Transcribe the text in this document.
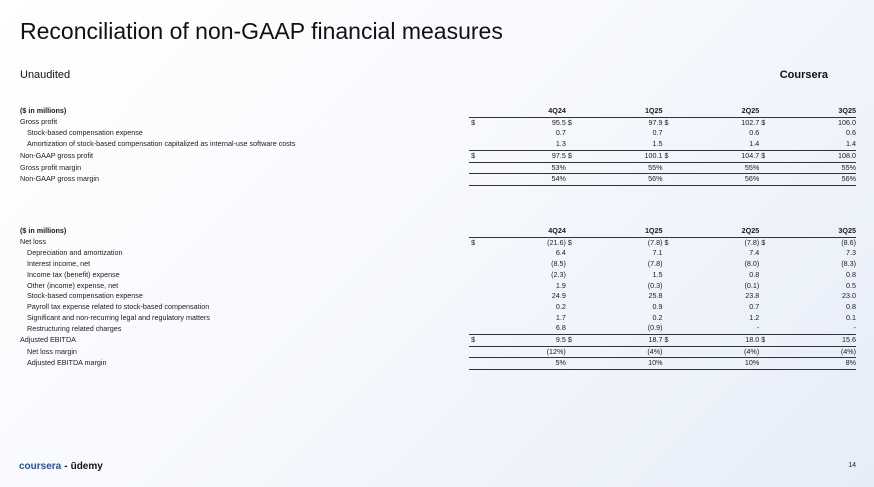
Reconciliation of non-GAAP financial measures
Unaudited	Coursera
($ in millions)	4Q24		1Q25		2Q25		3Q25	
Gross profit	$	95.5	$	97.9	$	102.7	$	106.0
Stock-based compensation expense		0.7		0.7		0.6		0.6
Amortization of stock-based compensation capitalized as internal-use software costs		1.3		1.5		1.4		1.4
Non-GAAP gross profit	$	97.5	$	100.1	$	104.7	$	108.0
Gross profit margin		53%		55%		55%		55%
Non-GAAP gross margin		54%		56%		56%		56%
($ in millions)	4Q24		1Q25		2Q25		3Q25	
Net loss	$	(21.6)	$	(7.8)	$	(7.8)	$	(8.6)
Depreciation and amortization		6.4		7.1		7.4		7.3
Interest income, net		(8.5)		(7.8)		(8.0)		(8.3)
Income tax (benefit) expense		(2.3)		1.5		0.8		0.8
Other (income) expense, net		1.9		(0.3)		(0.1)		0.5
Stock-based compensation expense		24.9		25.8		23.8		23.0
Payroll tax expense related to stock-based compensation		0.2		0.9		0.7		0.8
Significant and non-recurring legal and regulatory matters		1.7		0.2		1.2		0.1
Restructuring related charges		6.8		(0.9)		-		-
Adjusted EBITDA	$	9.5	$	18.7	$	18.0	$	15.6
Net loss margin		(12%)		(4%)		(4%)		(4%)
Adjusted EBITDA margin		5%		10%		10%		8%
coursera - ūdemy	14
